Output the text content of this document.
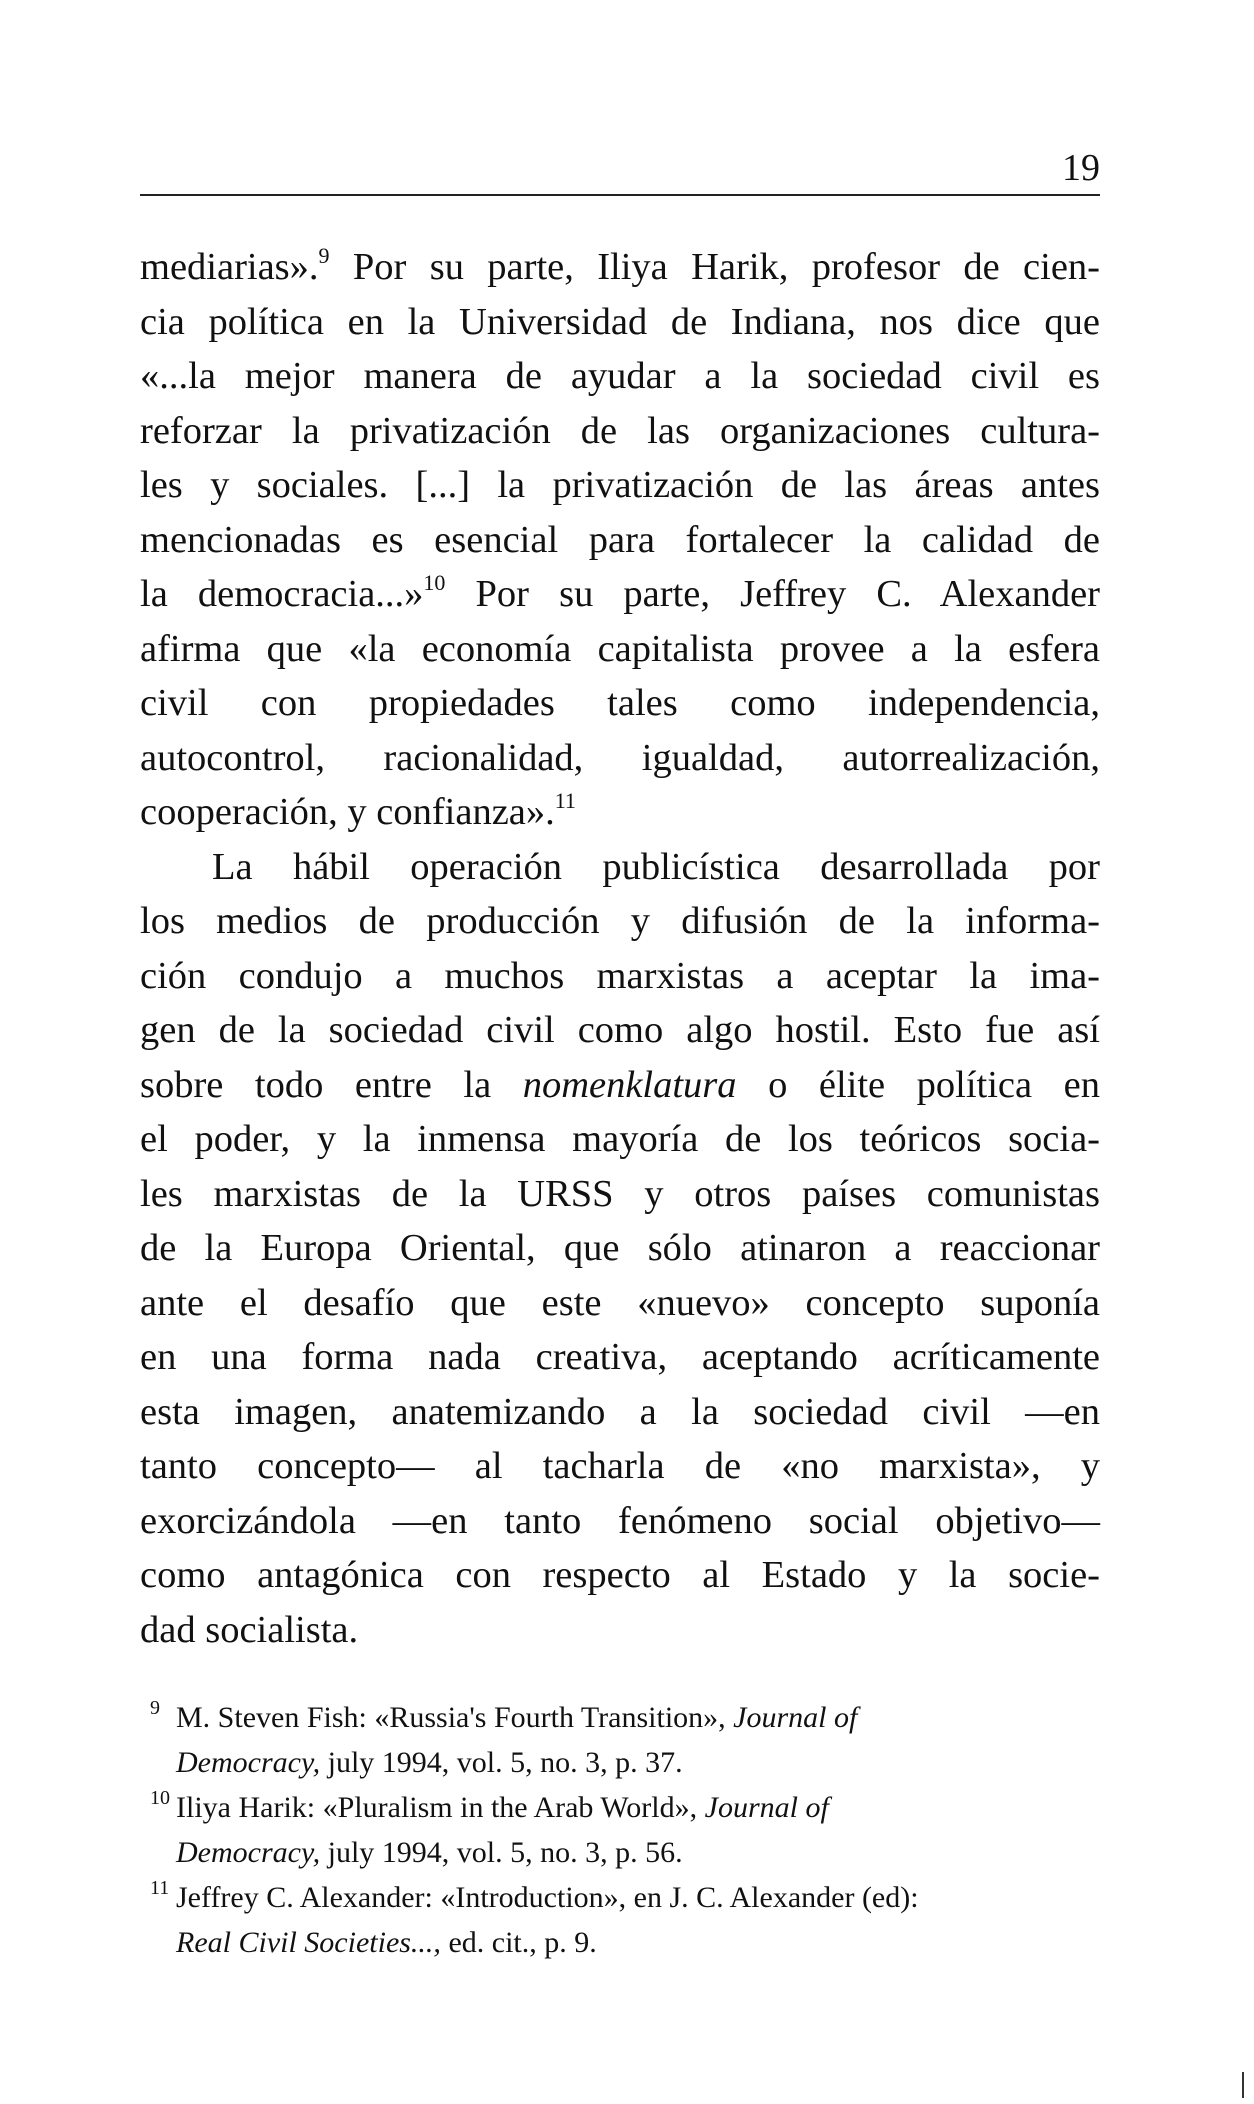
19

mediarias».$^9$ Por su parte, Iliya Harik, profesor de cien-
cia política en la Universidad de Indiana, nos dice que
«...la mejor manera de ayudar a la sociedad civil es
reforzar la privatización de las organizaciones cultura-
les y sociales. [...] la privatización de las áreas antes
mencionadas es esencial para fortalecer la calidad de
la democracia...»$^{10}$ Por su parte, Jeffrey C. Alexander
afirma que «la economía capitalista provee a la esfera
civil con propiedades tales como independencia,
autocontrol, racionalidad, igualdad, autorrealización,
cooperación, y confianza».$^{11}$

La hábil operación publicística desarrollada por
los medios de producción y difusión de la informa-
ción condujo a muchos marxistas a aceptar la ima-
gen de la sociedad civil como algo hostil. Esto fue así
sobre todo entre la nomenklatura o élite política en
el poder, y la inmensa mayoría de los teóricos socia-
les marxistas de la URSS y otros países comunistas
de la Europa Oriental, que sólo atinaron a reaccionar
ante el desafío que este «nuevo» concepto suponía
en una forma nada creativa, aceptando acríticamente
esta imagen, anatemizando a la sociedad civil —en
tanto concepto— al tacharla de «no marxista», y
exorcizándola —en tanto fenómeno social objetivo—
como antagónica con respecto al Estado y la socie-
dad socialista.

9 M. Steven Fish: «Russia's Fourth Transition», Journal of
Democracy, july 1994, vol. 5, no. 3, p. 37.
10 Iliya Harik: «Pluralism in the Arab World», Journal of
Democracy, july 1994, vol. 5, no. 3, p. 56.
11 Jeffrey C. Alexander: «Introduction», en J. C. Alexander (ed):
Real Civil Societies..., ed. cit., p. 9.
